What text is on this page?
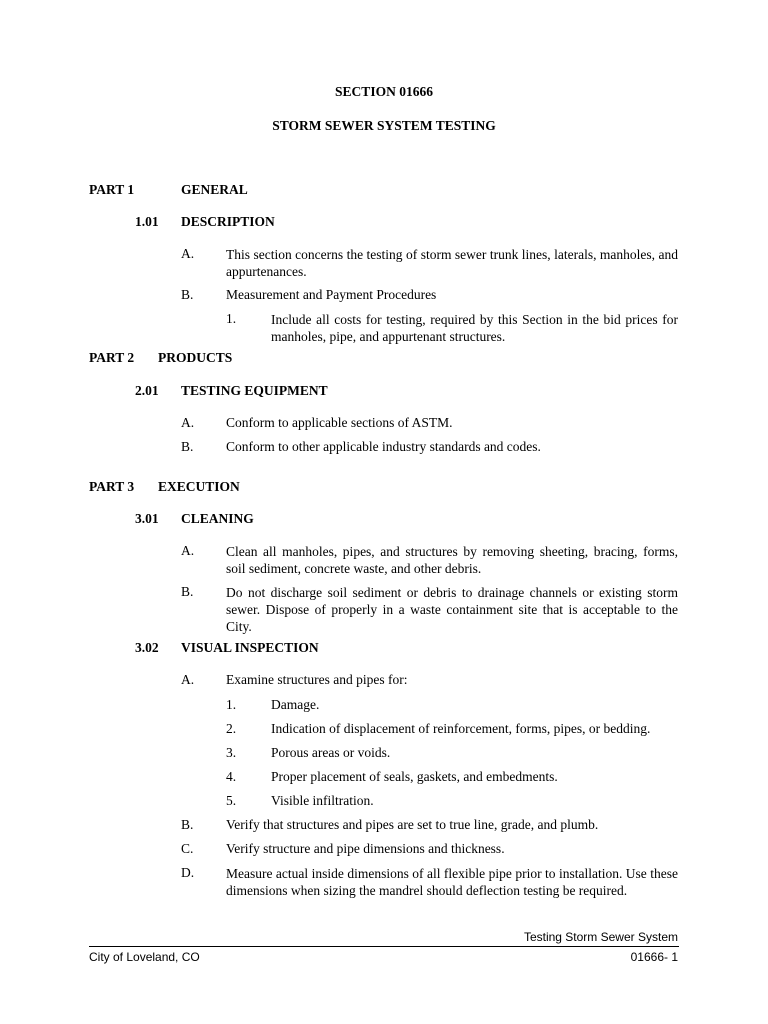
SECTION 01666
STORM SEWER SYSTEM TESTING
PART 1	GENERAL
1.01 DESCRIPTION
A. This section concerns the testing of storm sewer trunk lines, laterals, manholes, and appurtenances.
B. Measurement and Payment Procedures
1.	Include all costs for testing, required by this Section in the bid prices for manholes, pipe, and appurtenant structures.
PART 2 PRODUCTS
2.01 TESTING EQUIPMENT
A. Conform to applicable sections of ASTM.
B. Conform to other applicable industry standards and codes.
PART 3 EXECUTION
3.01 CLEANING
A. Clean all manholes, pipes, and structures by removing sheeting, bracing, forms, soil sediment, concrete waste, and other debris.
B. Do not discharge soil sediment or debris to drainage channels or existing storm sewer. Dispose of properly in a waste containment site that is acceptable to the City.
3.02 VISUAL INSPECTION
A. Examine structures and pipes for:
1.	Damage.
2.	Indication of displacement of reinforcement, forms, pipes, or bedding.
3.	Porous areas or voids.
4.	Proper placement of seals, gaskets, and embedments.
5.	Visible infiltration.
B. Verify that structures and pipes are set to true line, grade, and plumb.
C. Verify structure and pipe dimensions and thickness.
D. Measure actual inside dimensions of all flexible pipe prior to installation. Use these dimensions when sizing the mandrel should deflection testing be required.
Testing Storm Sewer System
City of Loveland, CO	01666- 1
